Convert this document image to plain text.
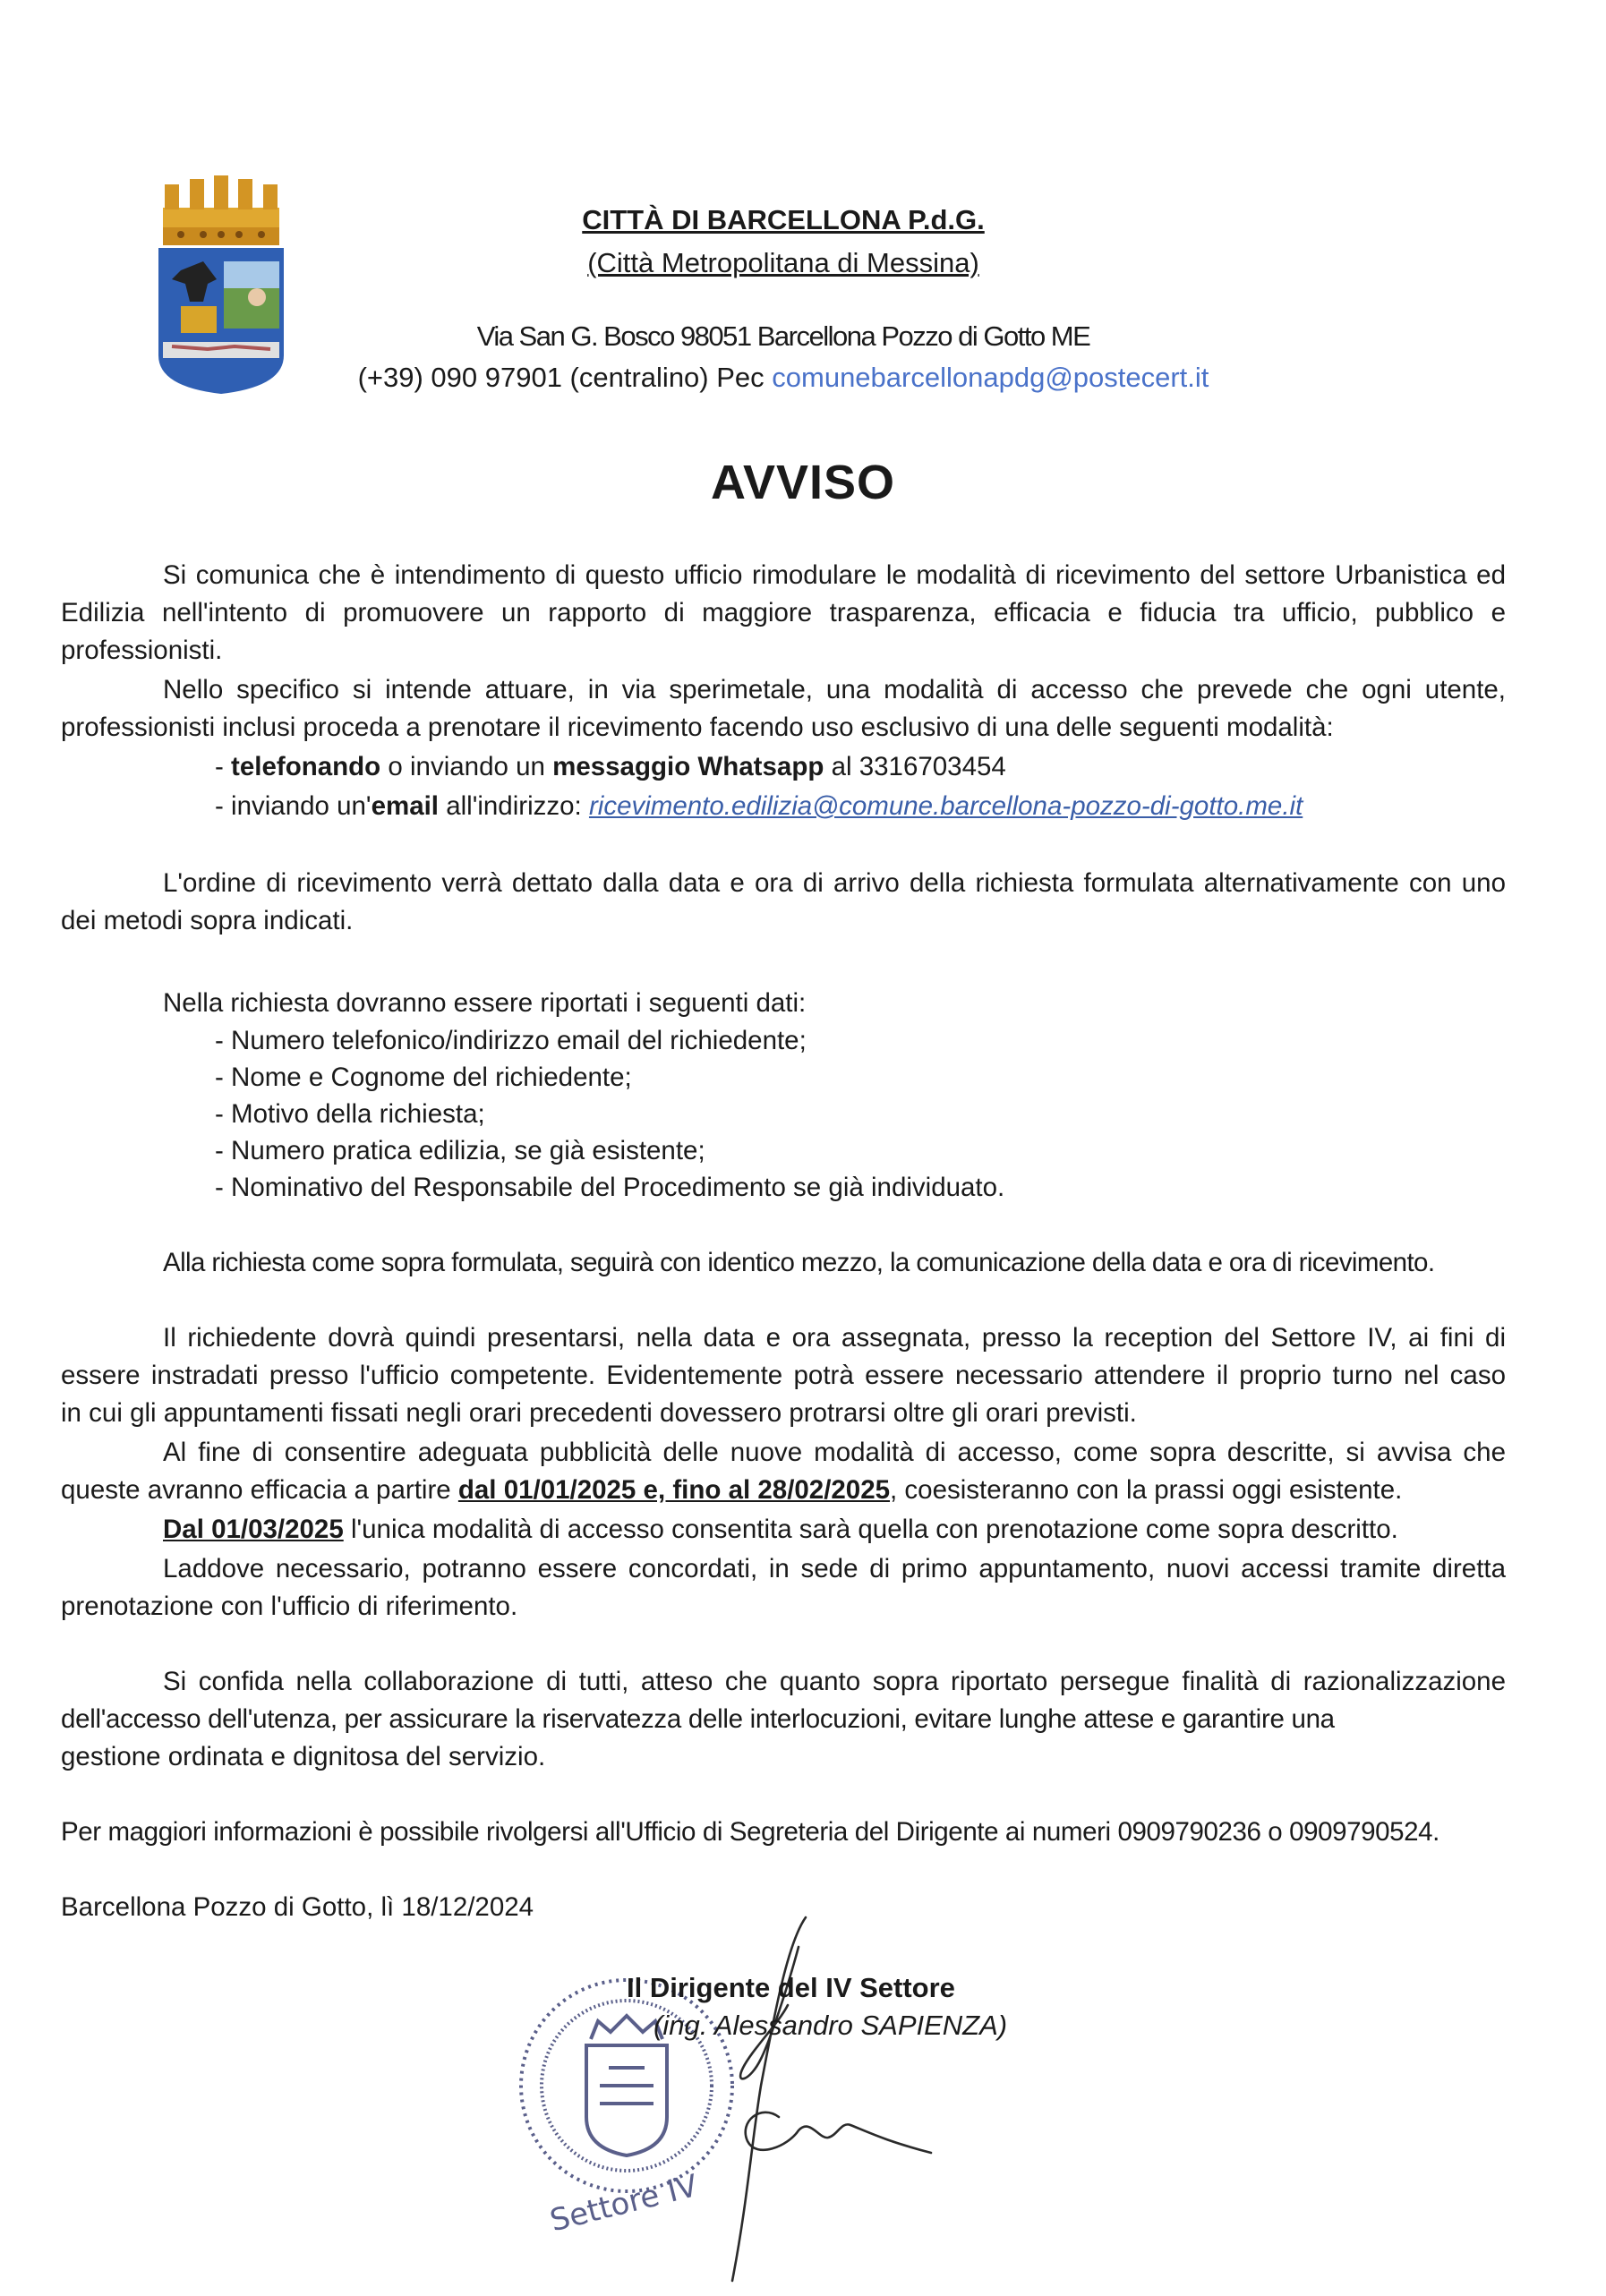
CITTÀ DI BARCELLONA P.d.G.
(Città Metropolitana di Messina)
Via San G. Bosco 98051 Barcellona Pozzo di Gotto ME
(+39) 090 97901 (centralino) Pec comunebarcellonapdg@postecert.it
AVVISO
Si comunica che è intendimento di questo ufficio rimodulare le modalità di ricevimento del settore Urbanistica ed
Edilizia nell'intento di promuovere un rapporto di maggiore trasparenza, efficacia e fiducia tra ufficio, pubblico e
professionisti.
Nello specifico si intende attuare, in via sperimetale, una modalità di accesso che prevede che ogni utente,
professionisti inclusi proceda a prenotare il ricevimento facendo uso esclusivo di una delle seguenti modalità:
- telefonando o inviando un messaggio Whatsapp al 3316703454
- inviando un'email all'indirizzo: ricevimento.edilizia@comune.barcellona-pozzo-di-gotto.me.it
L'ordine di ricevimento verrà dettato dalla data e ora di arrivo della richiesta formulata alternativamente con uno
dei metodi sopra indicati.
Nella richiesta dovranno essere riportati i seguenti dati:
- Numero telefonico/indirizzo email del richiedente;
- Nome e Cognome del richiedente;
- Motivo della richiesta;
- Numero pratica edilizia, se già esistente;
- Nominativo del Responsabile del Procedimento se già individuato.
Alla richiesta come sopra formulata, seguirà con identico mezzo, la comunicazione della data e ora di ricevimento.
Il richiedente dovrà quindi presentarsi, nella data e ora assegnata, presso la reception del Settore IV, ai fini di
essere instradati presso l'ufficio competente. Evidentemente potrà essere necessario attendere il proprio turno nel caso
in cui gli appuntamenti fissati negli orari precedenti dovessero protrarsi oltre gli orari previsti.
Al fine di consentire adeguata pubblicità delle nuove modalità di accesso, come sopra descritte, si avvisa che
queste avranno efficacia a partire dal 01/01/2025 e, fino al 28/02/2025, coesisteranno con la prassi oggi esistente.
Dal 01/03/2025 l'unica modalità di accesso consentita sarà quella con prenotazione come sopra descritto.
Laddove necessario, potranno essere concordati, in sede di primo appuntamento, nuovi accessi tramite diretta
prenotazione con l'ufficio di riferimento.
Si confida nella collaborazione di tutti, atteso che quanto sopra riportato persegue finalità di razionalizzazione
dell'accesso dell'utenza, per assicurare la riservatezza delle interlocuzioni, evitare lunghe attese e garantire una
gestione ordinata e dignitosa del servizio.
Per maggiori informazioni è possibile rivolgersi all'Ufficio di Segreteria del Dirigente ai numeri 0909790236 o 0909790524.
Barcellona Pozzo di Gotto, lì 18/12/2024
Settore IV
Il Dirigente del IV Settore
(ing. Alessandro SAPIENZA)
